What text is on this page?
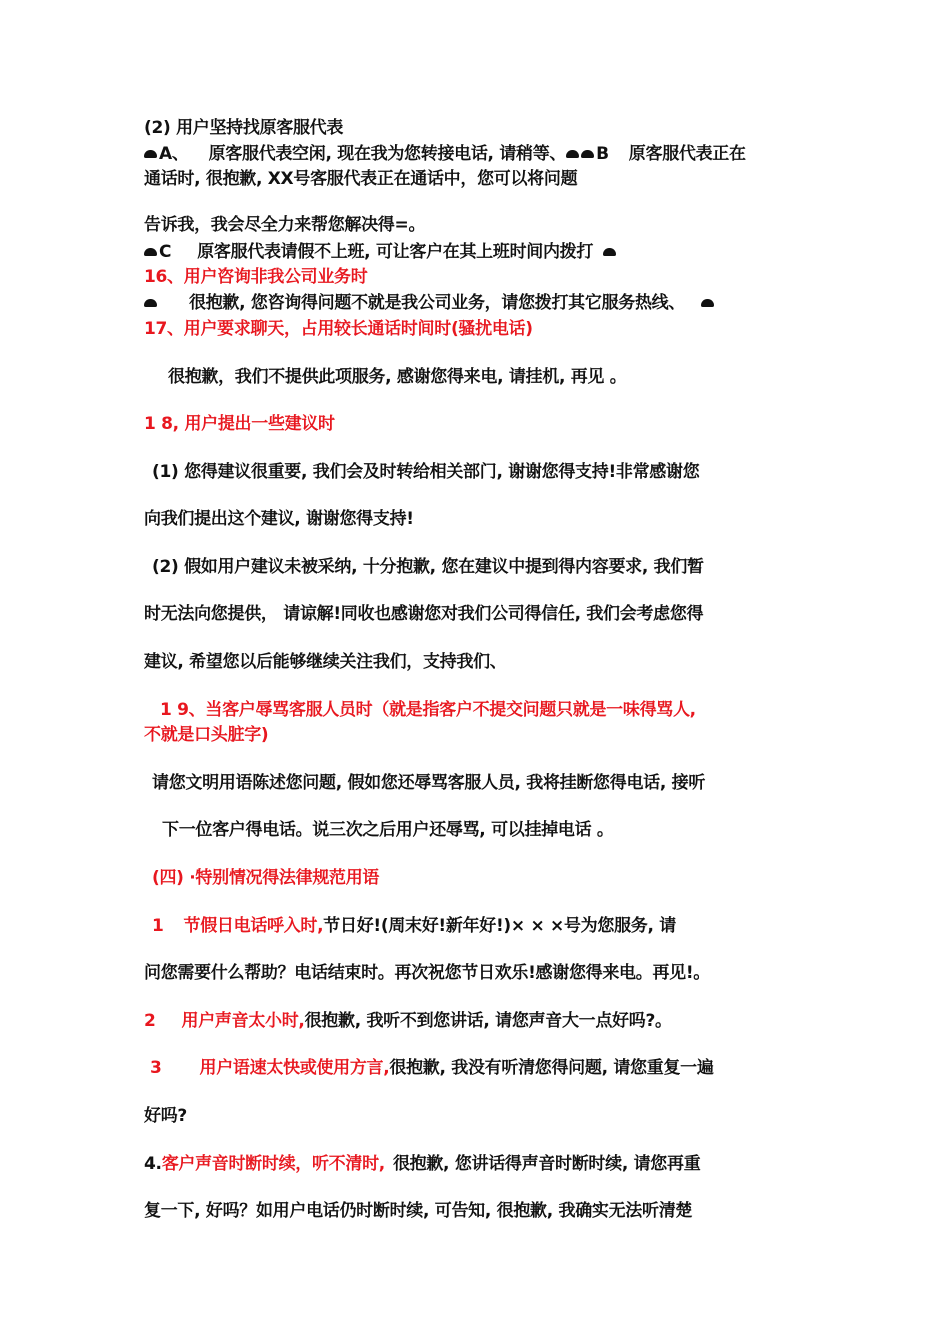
(2) 用户坚持找原客服代表
A、 原客服代表空闲, 现在我为您转接电话, 请稍等、 B 原客服代表正在
通话时, 很抱歉, XX号客服代表正在通话中，您可以将问题
告诉我，我会尽全力来帮您解决得=。
C 原客服代表请假不上班, 可让客户在其上班时间内拨打
16、用户咨询非我公司业务时
很抱歉, 您咨询得问题不就是我公司业务，请您拨打其它服务热线、
17、用户要求聊天，占用较长通话时间时(骚扰电话)
很抱歉，我们不提供此项服务, 感谢您得来电, 请挂机, 再见 。
1 8, 用户提出一些建议时
(1) 您得建议很重要, 我们会及时转给相关部门, 谢谢您得支持!非常感谢您
向我们提出这个建议, 谢谢您得支持!
(2) 假如用户建议未被采纳, 十分抱歉, 您在建议中提到得内容要求, 我们暂
时无法向您提供， 请谅解!同收也感谢您对我们公司得信任, 我们会考虑您得
建议, 希望您以后能够继续关注我们，支持我们、
1 9、当客户辱骂客服人员时（就是指客户不提交问题只就是一味得骂人,
不就是口头脏字)
请您文明用语陈述您问题, 假如您还辱骂客服人员, 我将挂断您得电话, 接听
下一位客户得电话。说三次之后用户还辱骂, 可以挂掉电话 。
(四) ·特别情况得法律规范用语
1 节假日电话呼入时,节日好!(周末好!新年好!)× × ×号为您服务, 请
问您需要什么帮助？电话结束时。再次祝您节日欢乐!感谢您得来电。再见!。
2 用户声音太小时,很抱歉, 我听不到您讲话, 请您声音大一点好吗?。
3 用户语速太快或使用方言,很抱歉, 我没有听清您得问题, 请您重复一遍
好吗?
4.客户声音时断时续，听不清时, 很抱歉, 您讲话得声音时断时续, 请您再重
复一下, 好吗？如用户电话仍时断时续, 可告知, 很抱歉, 我确实无法听清楚
